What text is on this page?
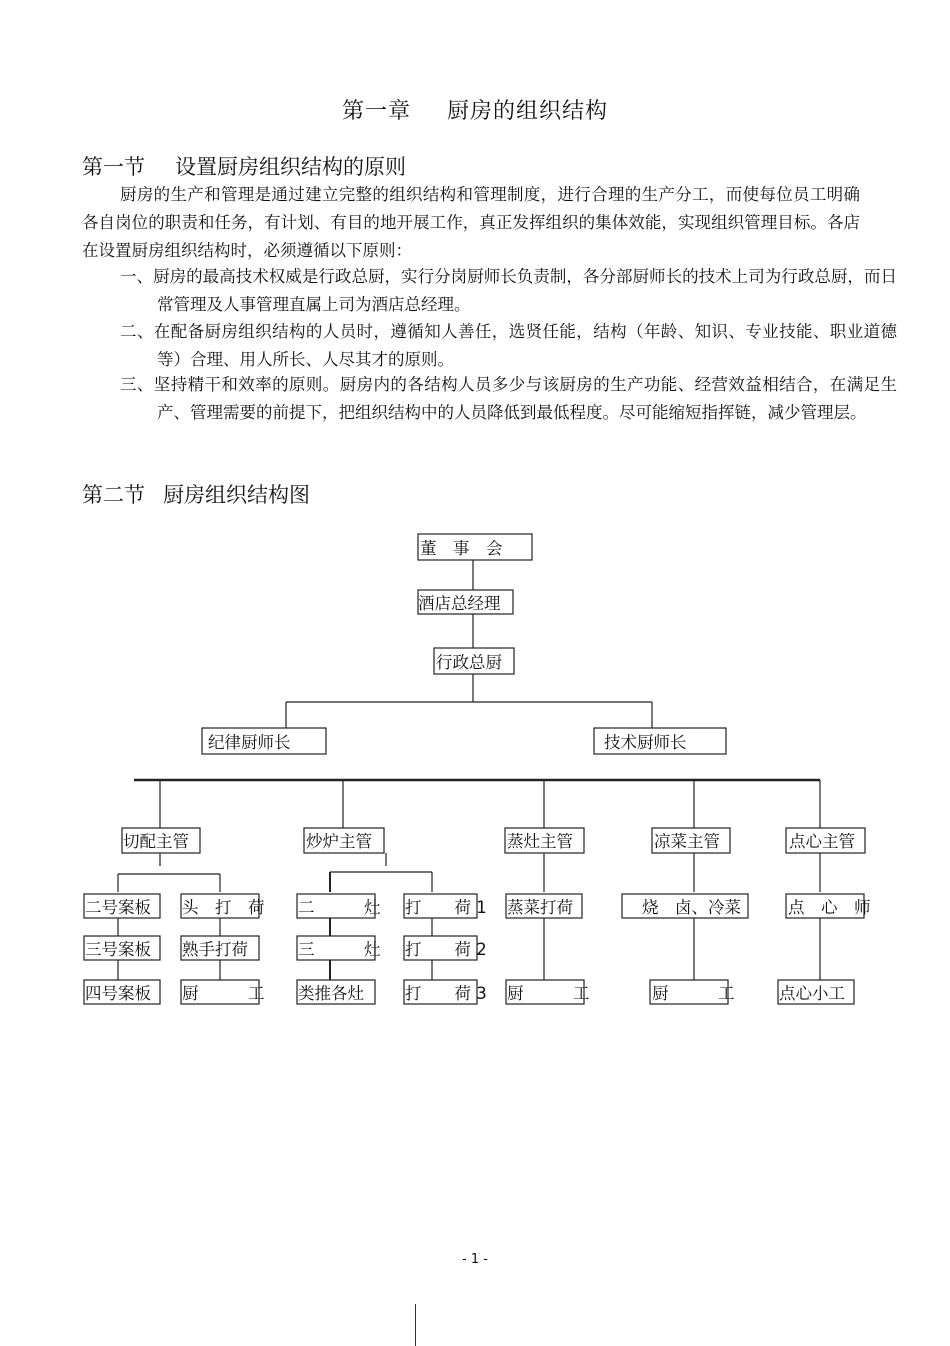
第一章 厨房的组织结构
第一节 设置厨房组织结构的原则

厨房的生产和管理是通过建立完整的组织结构和管理制度，进行合理的生产分工，而使每位员工明确各自岗位的职责和任务，有计划、有目的地开展工作，真正发挥组织的集体效能，实现组织管理目标。各店在设置厨房组织结构时，必须遵循以下原则：

一、厨房的最高技术权威是行政总厨，实行分岗厨师长负责制，各分部厨师长的技术上司为行政总厨，而日常管理及人事管理直属上司为酒店总经理。

二、在配备厨房组织结构的人员时，遵循知人善任，选贤任能，结构（年龄、知识、专业技能、职业道德等）合理、用人所长、人尽其才的原则。

三、坚持精干和效率的原则。厨房内的各结构人员多少与该厨房的生产功能、经营效益相结合，在满足生产、管理需要的前提下，把组织结构中的人员降低到最低程度。尽可能缩短指挥链，减少管理层。

第二节 厨房组织结构图
董　事　会
酒店总经理
行政总厨
纪律厨师长	技术厨师长
切配主管	炒炉主管	蒸灶主管	凉菜主管	点心主管
二号案板
三号案板
四号案板
头　打　荷
熟手打荷
厨　　　工
二　　　灶
三　　　灶
类推各灶
打　　荷 1
打　　荷 2
打　　荷 3
蒸菜打荷
厨　　　工
烧　卤、冷菜
厨　　　工
点　心　师
点心小工
- 1 -
